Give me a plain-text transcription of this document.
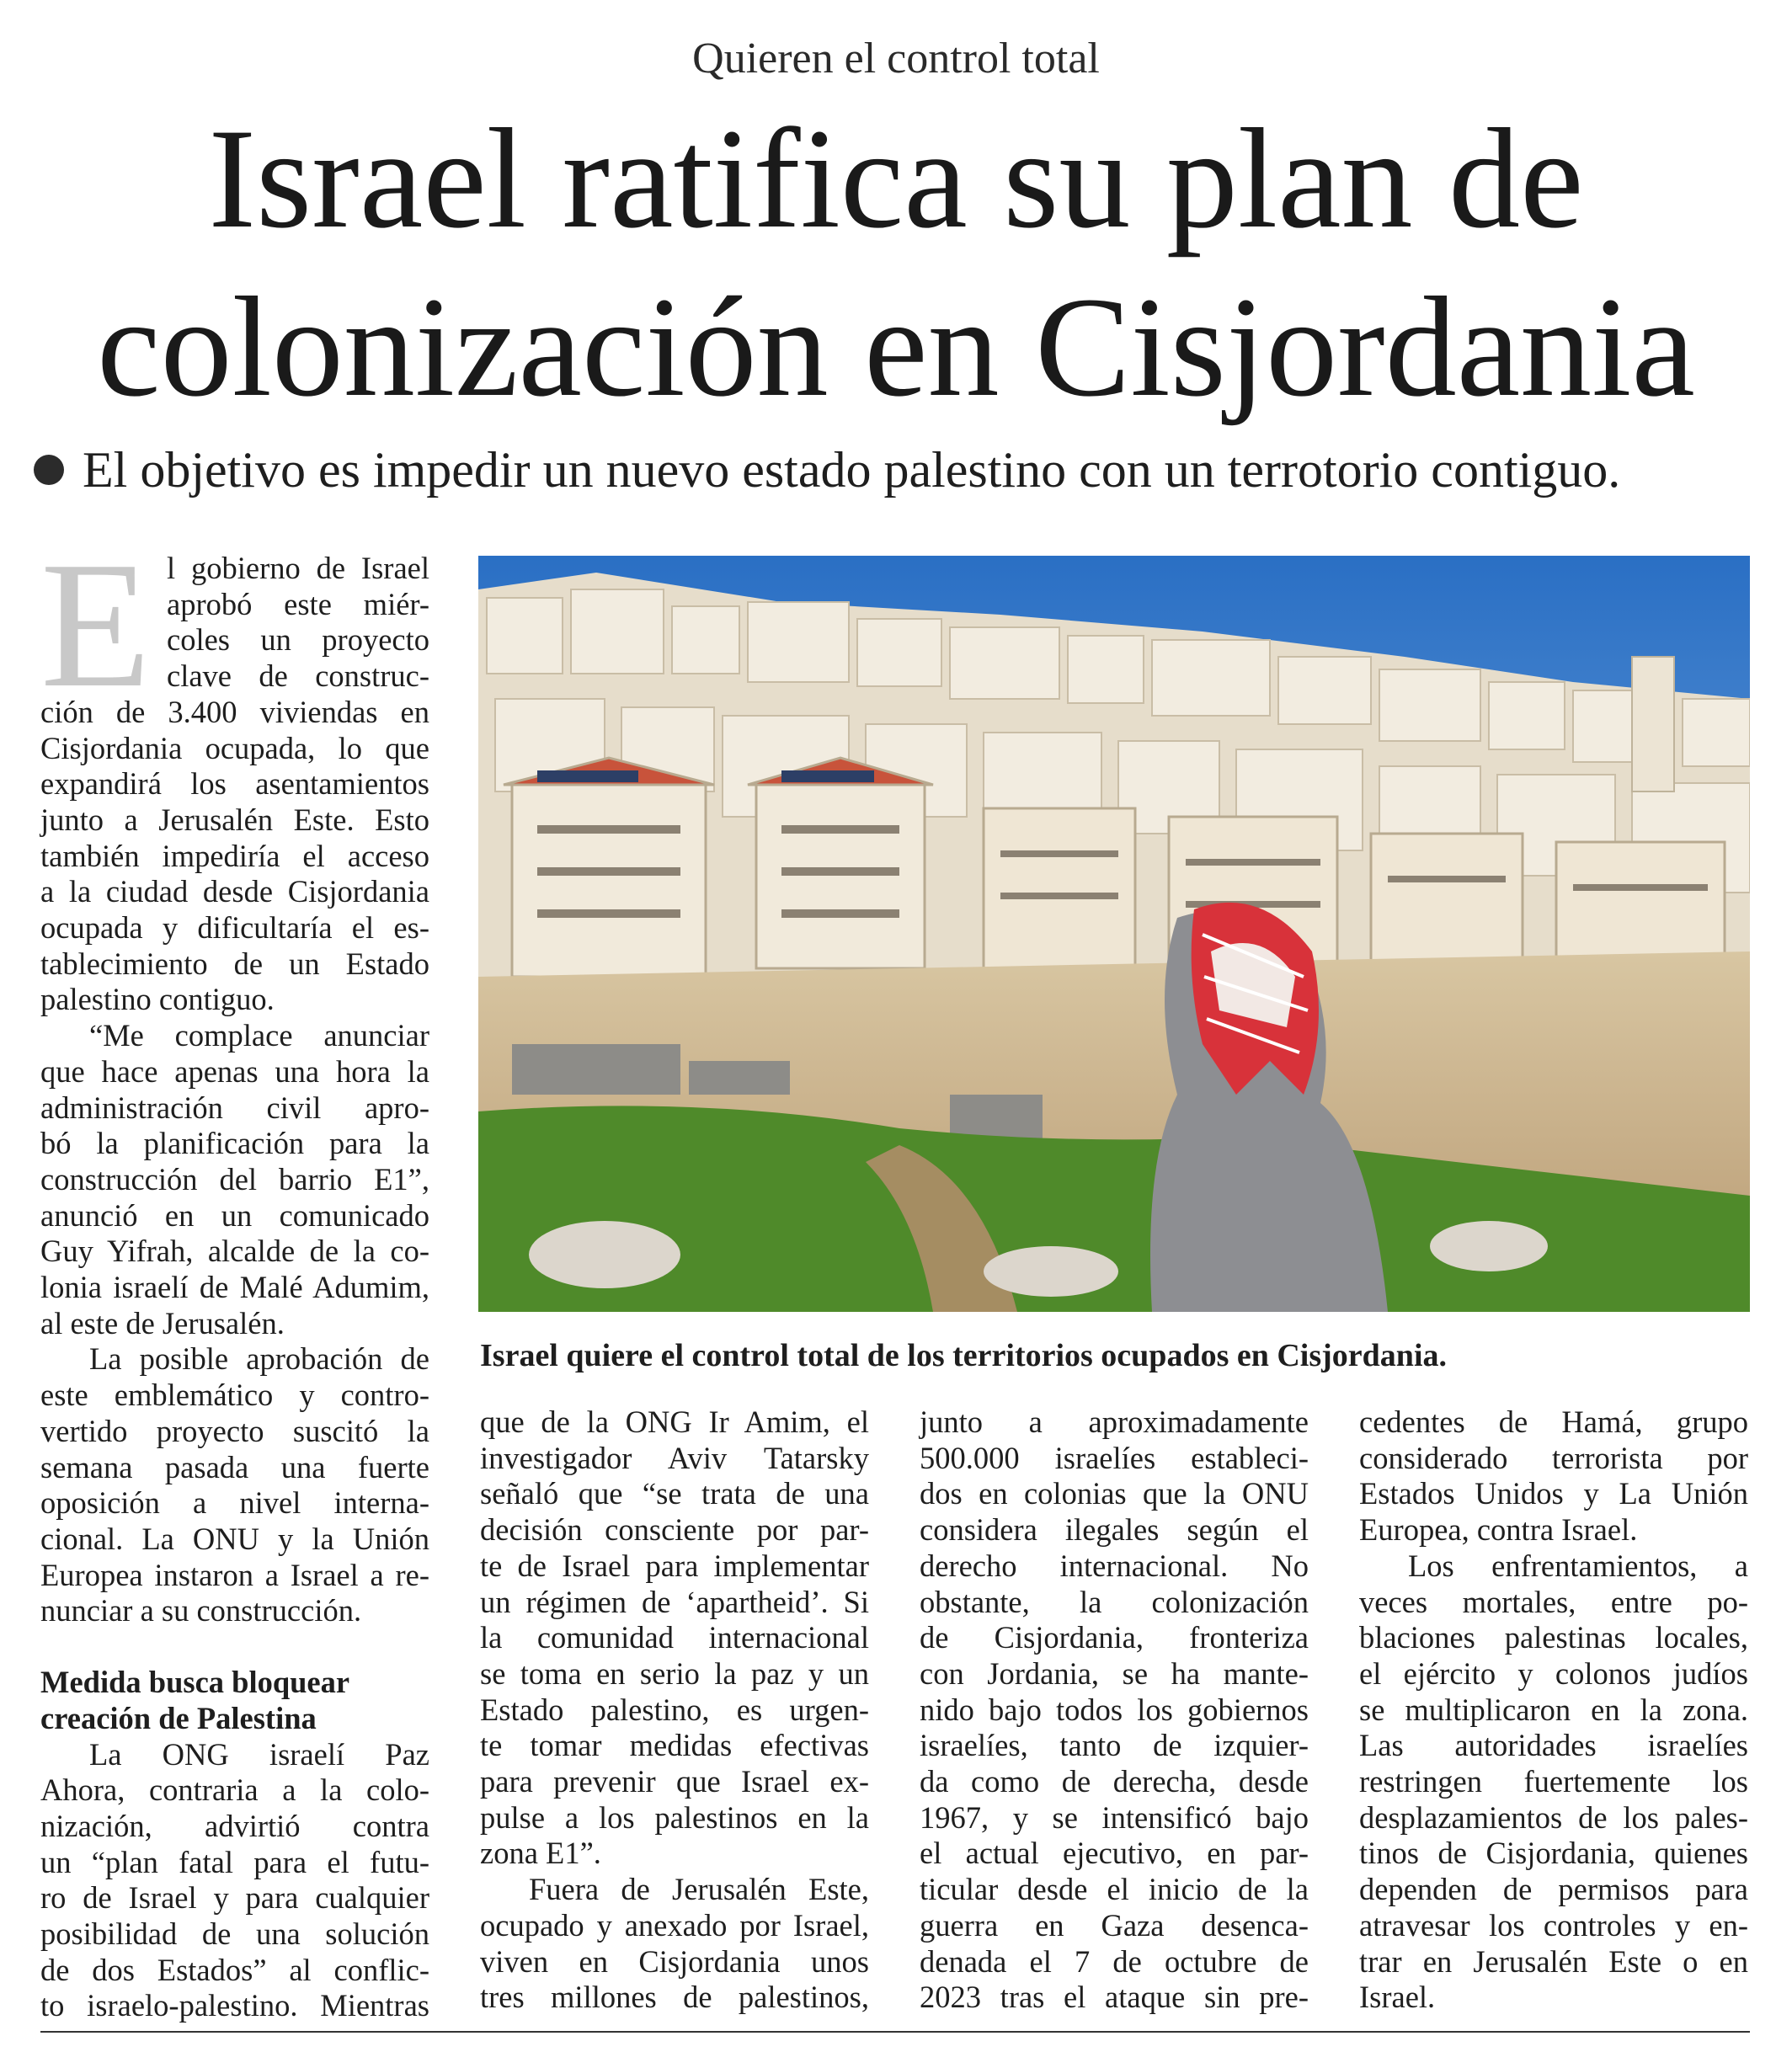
Quieren el control total
Israel ratifica su plan de
colonización en Cisjordania
El objetivo es impedir un nuevo estado palestino con un terrotorio contiguo.
E l gobierno de Israel
aprobó este miér-
coles un proyecto
clave de construc-
ción de 3.400 viviendas en
Cisjordania ocupada, lo que
expandirá los asentamientos
junto a Jerusalén Este. Esto
también impediría el acceso
a la ciudad desde Cisjordania
ocupada y dificultaría el es-
tablecimiento de un Estado
palestino contiguo.
“Me complace anunciar
que hace apenas una hora la
administración civil apro-
bó la planificación para la
construcción del barrio E1”,
anunció en un comunicado
Guy Yifrah, alcalde de la co-
lonia israelí de Malé Adumim,
al este de Jerusalén.
La posible aprobación de
este emblemático y contro-
vertido proyecto suscitó la
semana pasada una fuerte
oposición a nivel interna-
cional. La ONU y la Unión
Europea instaron a Israel a re-
nunciar a su construcción.
Medida busca bloquear
creación de Palestina
La ONG israelí Paz
Ahora, contraria a la colo-
nización, advirtió contra
un “plan fatal para el futu-
ro de Israel y para cualquier
posibilidad de una solución
de dos Estados” al conflic-
to israelo-palestino. Mientras
Israel quiere el control total de los territorios ocupados en Cisjordania.
que de la ONG Ir Amim, el
investigador Aviv Tatarsky
señaló que “se trata de una
decisión consciente por par-
te de Israel para implementar
un régimen de ‘apartheid’. Si
la comunidad internacional
se toma en serio la paz y un
Estado palestino, es urgen-
te tomar medidas efectivas
para prevenir que Israel ex-
pulse a los palestinos en la
zona E1”.
Fuera de Jerusalén Este,
ocupado y anexado por Israel,
viven en Cisjordania unos
tres millones de palestinos,
junto a aproximadamente
500.000 israelíes estableci-
dos en colonias que la ONU
considera ilegales según el
derecho internacional. No
obstante, la colonización
de Cisjordania, fronteriza
con Jordania, se ha mante-
nido bajo todos los gobiernos
israelíes, tanto de izquier-
da como de derecha, desde
1967, y se intensificó bajo
el actual ejecutivo, en par-
ticular desde el inicio de la
guerra en Gaza desenca-
denada el 7 de octubre de
2023 tras el ataque sin pre-
cedentes de Hamá, grupo
considerado terrorista por
Estados Unidos y La Unión
Europea, contra Israel.
Los enfrentamientos, a
veces mortales, entre po-
blaciones palestinas locales,
el ejército y colonos judíos
se multiplicaron en la zona.
Las autoridades israelíes
restringen fuertemente los
desplazamientos de los pales-
tinos de Cisjordania, quienes
dependen de permisos para
atravesar los controles y en-
trar en Jerusalén Este o en
Israel.
